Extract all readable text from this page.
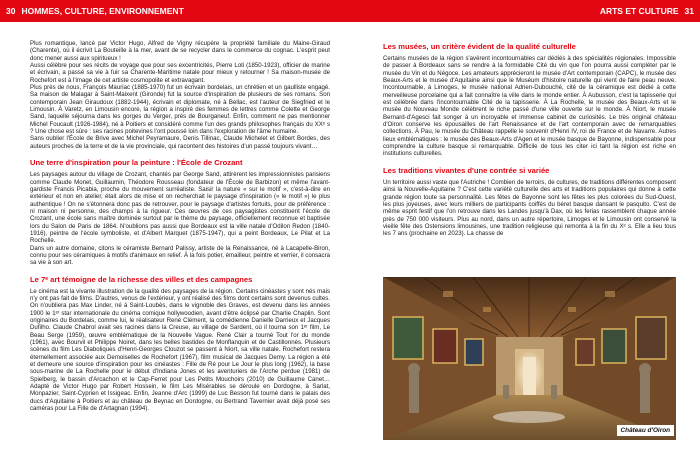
30 HOMMES, CULTURE, ENVIRONNEMENT	ARTS ET CULTURE 31

Plus romantique, lancé par Victor Hugo, Alfred de Vigny récupère la propriété familiale du Maine-Giraud (Charente), où il écrivit La Bouteille à la mer, avant de se recycler dans le commerce du cognac. L'esprit peut donc mener aussi aux spiritueux !

Aussi célèbre pour ses récits de voyage que pour ses excentricités, Pierre Loti (1850-1923), officier de marine et écrivain, a passé sa vie à fuir sa Charente-Maritime natale pour mieux y retourner ! Sa maison-musée de Rochefort est à l'image de cet artiste cosmopolite et extravagant.

Plus près de nous, François Mauriac (1885-1970) fut un écrivain bordelais, un chrétien et un gaulliste engagé. Sa maison de Malagar à Saint-Maixent (Gironde) fut la source d'inspiration de plusieurs de ses romans. Son contemporain Jean Giraudoux (1882-1944), écrivain et diplomate, né à Bellac, est l'auteur de Siegfried et le Limousin. À Varetz, en Limousin encore, la région a inspiré des femmes de lettres comme Colette et George Sand, laquelle séjourna dans les gorges du Verger, près de Bourganeuf. Enfin, comment ne pas mentionner Michel Foucault (1926-1984), né à Poitiers et considéré comme l'un des grands philosophes français du XXᵉ s ? Une chose est sûre : ses racines poitevines l'ont poussé loin dans l'exploration de l'âme humaine.

Sans oublier l'École de Brive avec Michel Peyramaure, Denis Tillinac, Claude Michelet et Gilbert Bordes, des auteurs proches de la terre et de la vie provinciale, qui racontent des histoires d'un passé toujours vivant…

Une terre d'inspiration pour la peinture : l'École de Crozant

Les paysages autour du village de Crozant, chantés par George Sand, attirèrent les impressionnistes parisiens comme Claude Monet, Guillaumin, Théodore Rousseau (fondateur de l'École de Barbizon) et même l'avant-gardiste Francis Picabia, proche du mouvement surréaliste. Saisir la nature « sur le motif », c'est-à-dire en extérieur et non en atelier, était alors de mise et on recherchait le paysage d'inspiration (« le motif ») le plus authentique ! On ne s'étonnera donc pas de retrouver, pour le paysage d'artistes fortuits, pour de préférence : ni maison ni personne, des champs à la rigueur. Ces œuvres de ces paysagistes constituent l'école de Crozant, une école sans maître dominée surtout par le thème du paysage, officiellement reconnue et baptisée lors du Salon de Paris de 1864. N'oublions pas aussi que Bordeaux est la ville natale d'Odilon Redon (1840-1916), peintre de l'école symboliste, et d'Albert Marquet (1875-1947), qui a peint Bordeaux, Le Pilat et La Rochelle.

Dans un autre domaine, citons le céramiste Bernard Palissy, artiste de la Renaissance, né à Lacapelle-Biron, connu pour ses céramiques à motifs d'animaux en relief. À la fois potier, émailleur, peintre et verrier, il consacra sa vie à son art.

Le 7ᵉ art témoigne de la richesse des villes et des campagnes

Le cinéma est la vivante illustration de la qualité des paysages de la région. Certains cinéastes y sont nés mais n'y ont pas fait de films. D'autres, venus de l'extérieur, y ont réalisé des films dont certains sont devenus cultes. On n'oubliera pas Max Linder, né à Saint-Loubès, dans le vignoble des Graves, est devenu dans les années 1900 le 1ᵉʳ star internationale du cinéma comique hollywoodien, avant d'être éclipsé par Charlie Chaplin. Sont originaires du Bordelais, comme lui, le réalisateur René Clément, la comédienne Danielle Darrieux et Jacques Dufilho. Claude Chabrol avait ses racines dans la Creuse, au village de Sardent, où il tourna son 1ᵉʳ film, Le Beau Serge (1959), œuvre emblématique de la Nouvelle Vague. René Clair a tourné Tout l'or du monde (1961), avec Bourvil et Philippe Noiret, dans les belles bastides de Monflanquin et de Castillonnès. Plusieurs scènes du film Les Diaboliques d'Henri-Georges Clouzot se passent à Niort, sa ville natale. Rochefort restera éternellement associée aux Demoiselles de Rochefort (1967), film musical de Jacques Demy. La région a été et demeure une source d'inspiration pour les cinéastes : Fille de Ré pour Le Jour le plus long (1962), la base sous-marine de La Rochelle pour le début d'Indiana Jones et les aventuriers de l'Arche perdue (1981) de Spielberg, le bassin d'Arcachon et le Cap-Ferret pour Les Petits Mouchoirs (2010) de Guillaume Canet… Adapté de Victor Hugo par Robert Hossein, le film Les Misérables se déroule en Dordogne, à Sarlat, Monpazier, Saint-Cyprien et Issigeac. Enfin, Jeanne d'Arc (1999) de Luc Besson fut tourné dans le palais des ducs d'Aquitaine à Poitiers et au château de Beynac en Dordogne, ou Bertrand Tavernier avait déjà posé ses caméras pour La Fille de d'Artagnan (1994).

Les musées, un critère évident de la qualité culturelle

Certains musées de la région s'avèrent incontournables car dédiés à des spécialités régionales. Impossible de passer à Bordeaux sans se rendre à la formidable Cité du vin que l'on pourra aussi compléter par le musée du Vin et du Négoce. Les amateurs apprécieront le musée d'Art contemporain (CAPC), le musée des Beaux-Arts et le musée d'Aquitaine ainsi que le Muséum d'histoire naturelle qui vient de faire peau neuve. Incontournable, à Limoges, le musée national Adrien-Dubouché, cité de la céramique est dédié à cette merveilleuse porcelaine qui a fait connaître la ville dans le monde entier. À Aubusson, c'est la tapisserie qui est célébrée dans l'incontournable Cité de la tapisserie. À La Rochelle, le musée des Beaux-Arts et le musée du Nouveau Monde célèbrent le riche passé d'une ville ouverte sur le monde. À Niort, le musée Bernard-d'Agesci fait songer à un incroyable et immense cabinet de curiosités. Le très original château d'Oiron conserve les épousailles de l'art Renaissance et de l'art contemporain avec de remarquables collections. À Pau, le musée du Château rappelle le souvenir d'Henri IV, roi de France et de Navarre. Autres lieux emblématiques : le musée des Beaux-Arts d'Agen et le musée basque de Bayonne, indispensable pour comprendre la culture basque si remarquable. Difficile de tous les citer ici tant la région est riche en institutions culturelles.

Les traditions vivantes d'une contrée si variée

Un territoire aussi vaste que l'Autriche ! Combien de terroirs, de cultures, de traditions différentes composent ainsi la Nouvelle-Aquitaine ? C'est cette variété culturelle des arts et traditions populaires qui donne à cette grande région toute sa personnalité. Les fêtes de Bayonne sont les fêtes les plus colorées du Sud-Ouest, les plus joyeuses, avec leurs milliers de participants coiffés du béret basque dansant le pasquito. C'est de même esprit festif que l'on retrouve dans les Landes jusqu'à Dax, où les ferias rassemblent chaque année près de 750 000 visiteurs. Plus au nord, dans un autre répertoire, Limoges et le Limousin ont conservé la vieille fête des Ostensions limousines, une tradition religieuse qui remonta à la fin du Xᵉ s. Elle a lieu tous les 7 ans (prochaine en 2023). La chasse de

Château d'Oiron
